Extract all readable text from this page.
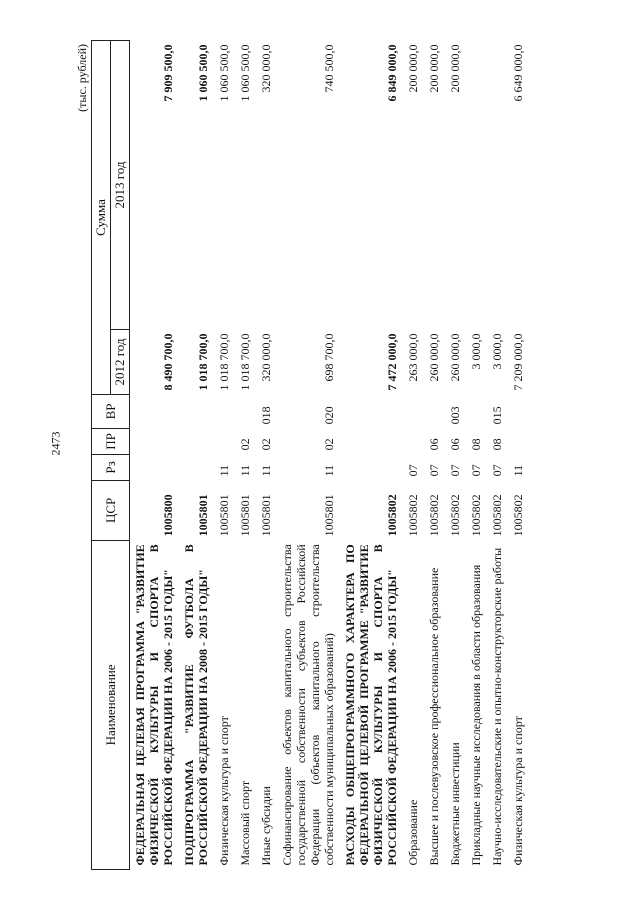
2473
(тыс. рублей)
Наименование	ЦСР	Рз	ПР	ВР	Сумма	
					2012 год	2013 год
ФЕДЕРАЛЬНАЯ ЦЕЛЕВАЯ ПРОГРАММА "РАЗВИТИЕ ФИЗИЧЕСКОЙ КУЛЬТУРЫ И СПОРТА В РОССИЙСКОЙ ФЕДЕРАЦИИ НА 2006 - 2015 ГОДЫ"	1005800				8 490 700,0	7 909 500,0
ПОДПРОГРАММА "РАЗВИТИЕ ФУТБОЛА В РОССИЙСКОЙ ФЕДЕРАЦИИ НА 2008 - 2015 ГОДЫ"	1005801				1 018 700,0	1 060 500,0
Физическая культура и спорт	1005801	11			1 018 700,0	1 060 500,0
Массовый спорт	1005801	11	02		1 018 700,0	1 060 500,0
Иные субсидии	1005801	11	02	018	320 000,0	320 000,0
Софинансирование объектов капитального строительства государственной собственности субъектов Российской Федерации (объектов капитального строительства собственности муниципальных образований)	1005801	11	02	020	698 700,0	740 500,0
РАСХОДЫ ОБЩЕПРОГРАММНОГО ХАРАКТЕРА ПО ФЕДЕРАЛЬНОЙ ЦЕЛЕВОЙ ПРОГРАММЕ "РАЗВИТИЕ ФИЗИЧЕСКОЙ КУЛЬТУРЫ И СПОРТА В РОССИЙСКОЙ ФЕДЕРАЦИИ НА 2006 - 2015 ГОДЫ"	1005802				7 472 000,0	6 849 000,0
Образование	1005802	07			263 000,0	200 000,0
Высшее и послевузовское профессиональное образование	1005802	07	06		260 000,0	200 000,0
Бюджетные инвестиции	1005802	07	06	003	260 000,0	200 000,0
Прикладные научные исследования в области образования	1005802	07	08		3 000,0	
Научно-исследовательские и опытно-конструкторские работы	1005802	07	08	015	3 000,0	
Физическая культура и спорт	1005802	11			7 209 000,0	6 649 000,0
